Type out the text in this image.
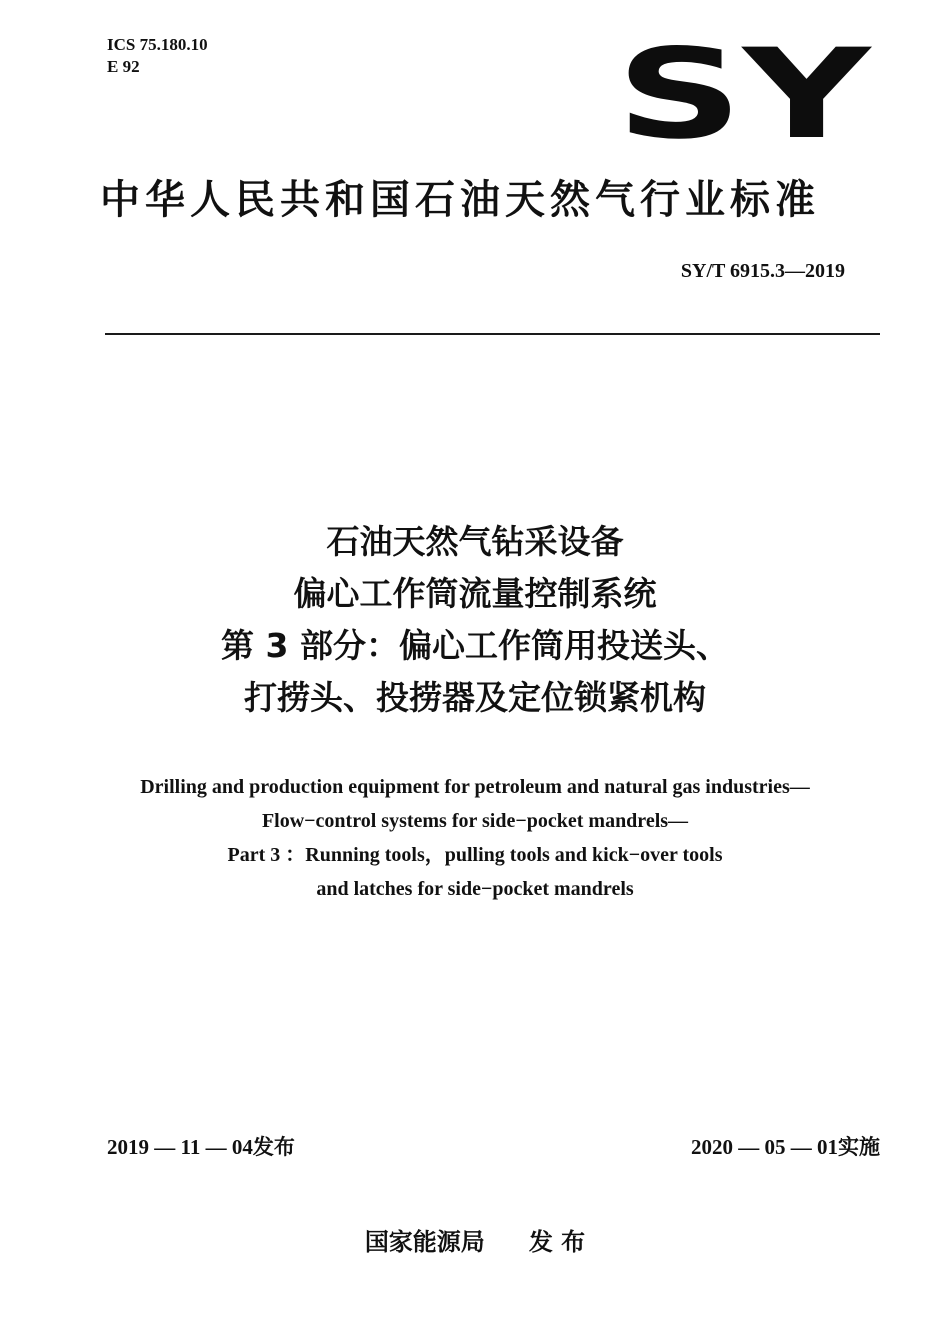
ICS 75.180.10
E 92	SY
中华人民共和国石油天然气行业标准
SY/T 6915.3—2019
石油天然气钻采设备
偏心工作筒流量控制系统
第 3 部分：偏心工作筒用投送头、
打捞头、投捞器及定位锁紧机构
Drilling and production equipment for petroleum and natural gas industries—
Flow−control systems for side−pocket mandrels—
Part 3 ：Running tools，pulling tools and kick−over tools
and latches for side−pocket mandrels
2019 — 11 — 04发布	2020 — 05 — 01实施
国家能源局 发 布
